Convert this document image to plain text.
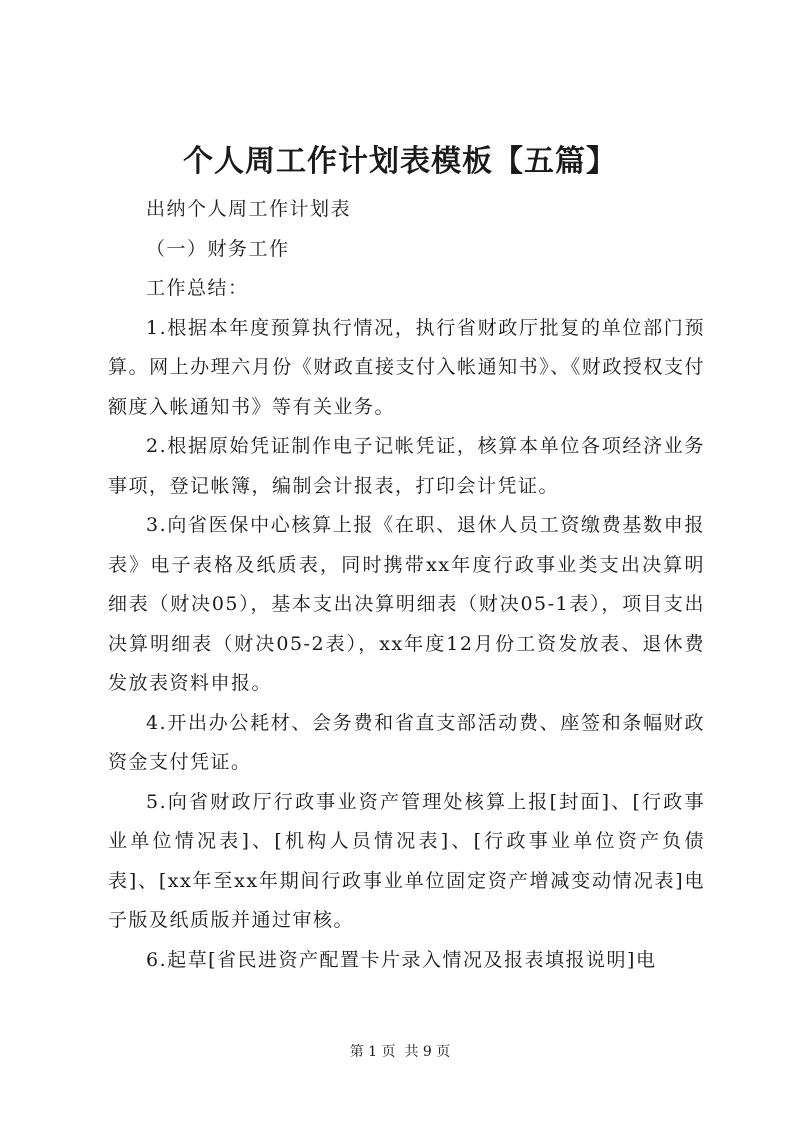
个人周工作计划表模板【五篇】

出纳个人周工作计划表

（一）财务工作

工作总结：

1.根据本年度预算执行情况，执行省财政厅批复的单位部门预算。网上办理六月份《财政直接支付入帐通知书》、《财政授权支付额度入帐通知书》等有关业务。

2.根据原始凭证制作电子记帐凭证，核算本单位各项经济业务事项，登记帐簿，编制会计报表，打印会计凭证。

3.向省医保中心核算上报《在职、退休人员工资缴费基数申报表》电子表格及纸质表，同时携带xx年度行政事业类支出决算明细表（财决05），基本支出决算明细表（财决05-1表），项目支出决算明细表（财决05-2表），xx年度12月份工资发放表、退休费发放表资料申报。

4.开出办公耗材、会务费和省直支部活动费、座签和条幅财政资金支付凭证。

5.向省财政厅行政事业资产管理处核算上报[封面]、[行政事业单位情况表]、[机构人员情况表]、[行政事业单位资产负债表]、[xx年至xx年期间行政事业单位固定资产增减变动情况表]电子版及纸质版并通过审核。

6.起草[省民进资产配置卡片录入情况及报表填报说明]电

第 1 页  共 9 页
